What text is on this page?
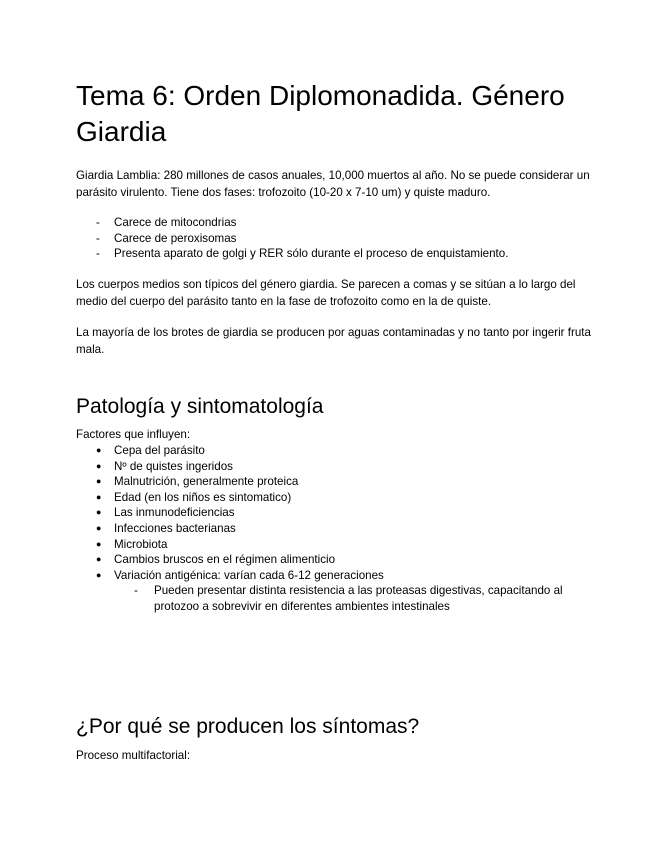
Tema 6: Orden Diplomonadida. Género Giardia

Giardia Lamblia: 280 millones de casos anuales, 10,000 muertos al año. No se puede considerar un parásito virulento. Tiene dos fases: trofozoito (10-20 x 7-10 um) y quiste maduro.

- Carece de mitocondrias
- Carece de peroxisomas
- Presenta aparato de golgi y RER sólo durante el proceso de enquistamiento.

Los cuerpos medios son típicos del género giardia. Se parecen a comas y se sitúan a lo largo del medio del cuerpo del parásito tanto en la fase de trofozoito como en la de quiste.

La mayoría de los brotes de giardia se producen por aguas contaminadas y no tanto por ingerir fruta mala.

Patología y sintomatología

Factores que influyen:

● Cepa del parásito
● Nº de quistes ingeridos
● Malnutrición, generalmente proteica
● Edad (en los niños es sintomatico)
● Las inmunodeficiencias
● Infecciones bacterianas
● Microbiota
● Cambios bruscos en el régimen alimenticio
● Variación antigénica: varían cada 6-12 generaciones
- Pueden presentar distinta resistencia a las proteasas digestivas, capacitando al protozoo a sobrevivir en diferentes ambientes intestinales
¿Por qué se producen los síntomas?

Proceso multifactorial:
